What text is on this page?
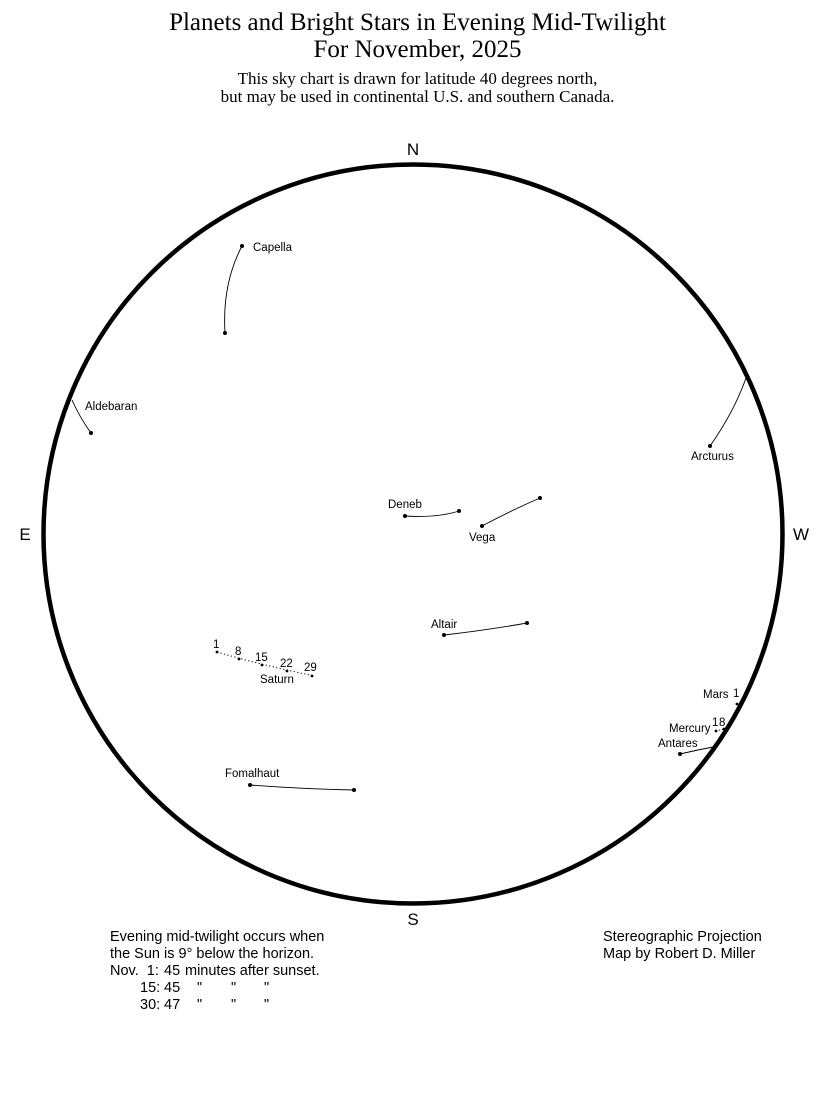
Planets and Bright Stars in Evening Mid-Twilight
For November, 2025
This sky chart is drawn for latitude 40 degrees north,
but may be used in continental U.S. and southern Canada.
N
S
E	W
Capella
Aldebaran
Arcturus
Deneb
Vega
Altair
Fomalhaut
1
8 15 22 29
Saturn
Mars 1
1 8
Mercury
Antares
Evening mid-twilight occurs when
the Sun is 9° below the horizon.

Nov.  1:

45

minutes after sunset.

15:

45

"

"

"

30:

47

"

"

"

Stereographic Projection
Map by Robert D. Miller
